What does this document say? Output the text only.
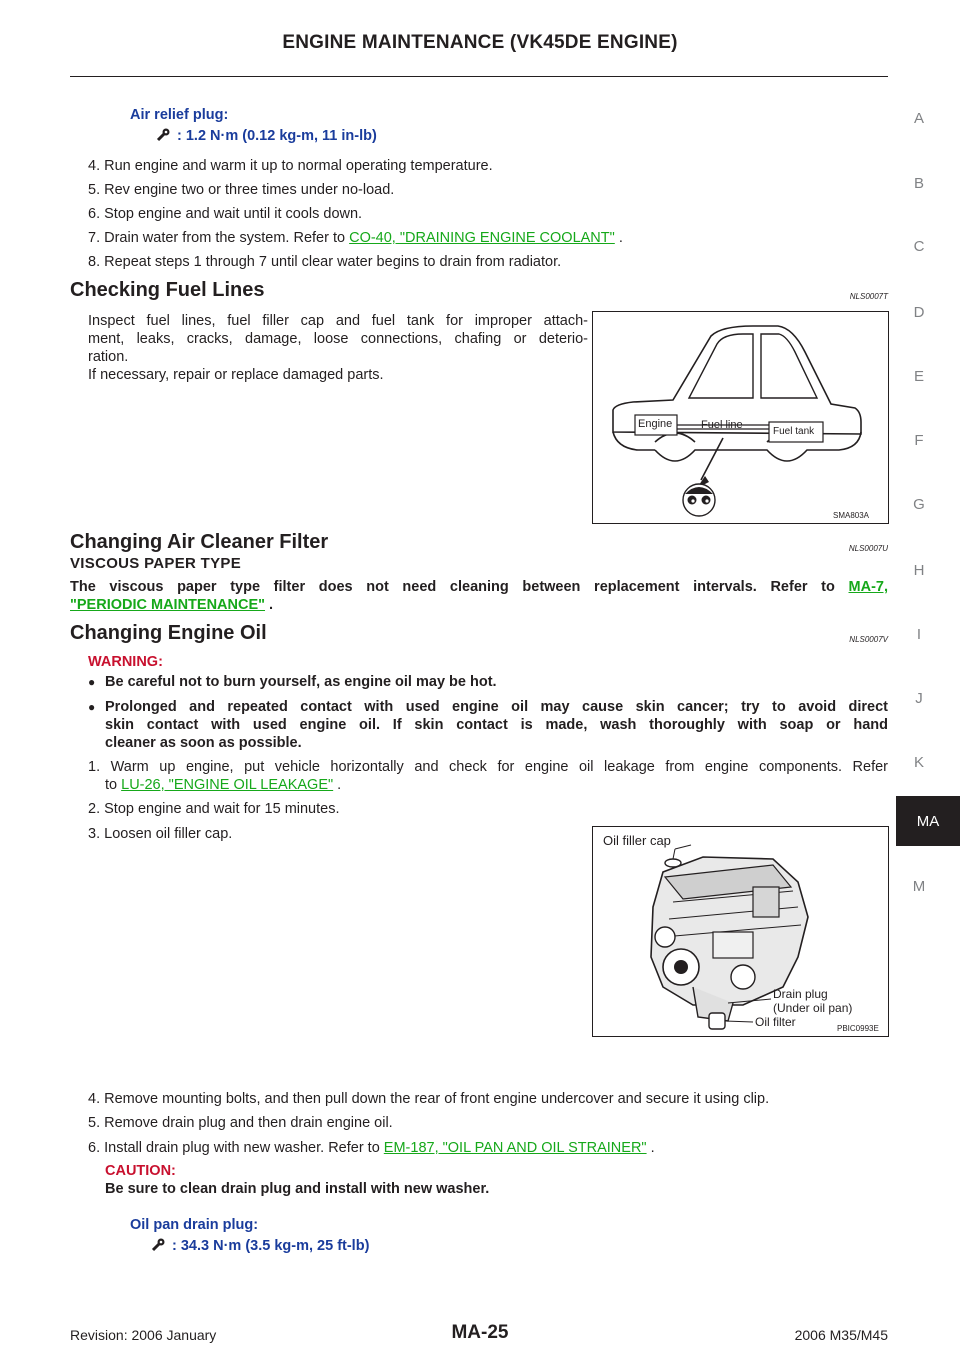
ENGINE MAINTENANCE (VK45DE ENGINE)
A
B
C
D
E
F
G
H
I
J
K
M
MA
Air relief plug:
: 1.2 N·m (0.12 kg-m, 11 in-lb)
4. Run engine and warm it up to normal operating temperature.
5. Rev engine two or three times under no-load.
6. Stop engine and wait until it cools down.
7. Drain water from the system. Refer to CO-40, "DRAINING ENGINE COOLANT" .
8. Repeat steps 1 through 7 until clear water begins to drain from radiator.
Checking Fuel Lines	NLS0007T
Inspect fuel lines, fuel filler cap and fuel tank for improper attach-
ment, leaks, cracks, damage, loose connections, chafing or deterio-
ration.
If necessary, repair or replace damaged parts.
Engine	Fuel line
Fuel tank
SMA803A
Changing Air Cleaner Filter	NLS0007U
VISCOUS PAPER TYPE
The viscous paper type filter does not need cleaning between replacement intervals. Refer to MA-7,
"PERIODIC MAINTENANCE" .
Changing Engine Oil	NLS0007V
WARNING:
● Be careful not to burn yourself, as engine oil may be hot.
● Prolonged and repeated contact with used engine oil may cause skin cancer; try to avoid direct
skin contact with used engine oil. If skin contact is made, wash thoroughly with soap or hand
cleaner as soon as possible.
1. Warm up engine, put vehicle horizontally and check for engine oil leakage from engine components. Refer
to LU-26, "ENGINE OIL LEAKAGE" .
2. Stop engine and wait for 15 minutes.
3. Loosen oil filler cap.	Oil filler cap
Drain plug
(Under oil pan)
Oil filter	PBIC0993E
4. Remove mounting bolts, and then pull down the rear of front engine undercover and secure it using clip.
5. Remove drain plug and then drain engine oil.
6. Install drain plug with new washer. Refer to EM-187, "OIL PAN AND OIL STRAINER" .
CAUTION:
Be sure to clean drain plug and install with new washer.
Oil pan drain plug:
: 34.3 N·m (3.5 kg-m, 25 ft-lb)
Revision: 2006 January	MA-25	2006 M35/M45
